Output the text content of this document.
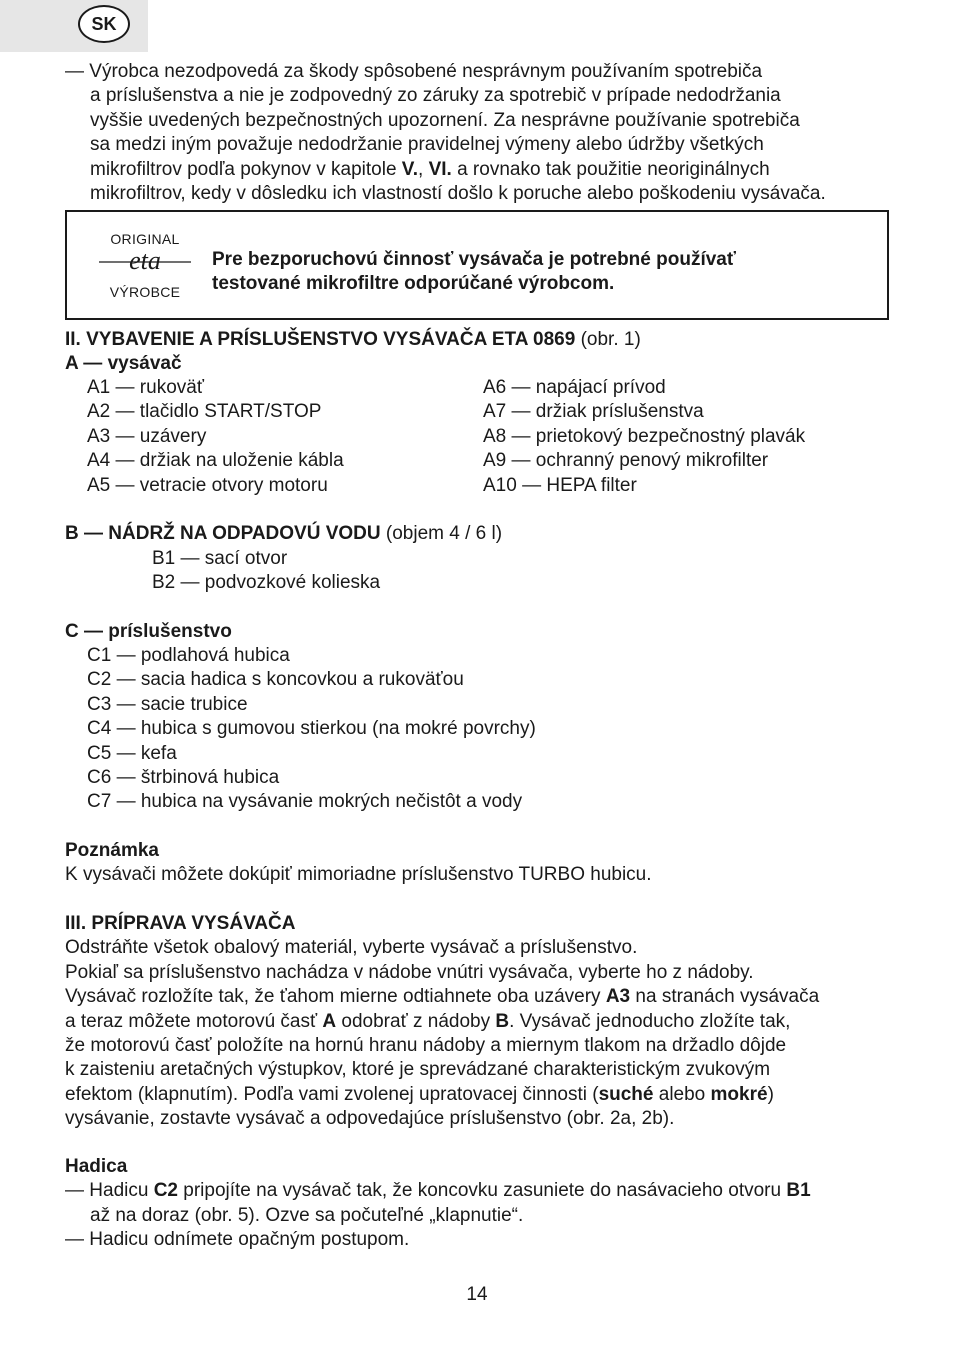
SK
— Výrobca nezodpovedá za škody spôsobené nesprávnym používaním spotrebiča
a príslušenstva a nie je zodpovedný zo záruky za spotrebič v prípade nedodržania
vyššie uvedených bezpečnostných upozornení. Za nesprávne používanie spotrebiča
sa medzi iným považuje nedodržanie pravidelnej výmeny alebo údržby všetkých
mikrofiltrov podľa pokynov v kapitole V., VI. a rovnako tak použitie neoriginálnych
mikrofiltrov, kedy v dôsledku ich vlastností došlo k poruche alebo poškodeniu vysávača.
ORIGINAL
eta
VÝROBCE
Pre bezporuchovú činnosť vysávača je potrebné používať
testované mikrofiltre odporúčané výrobcom.
II. VYBAVENIE A PRÍSLUŠENSTVO VYSÁVAČA ETA 0869 (obr. 1)
A — vysávač
A1 — rukoväť
A2 — tlačidlo START/STOP
A3 — uzávery
A4 — držiak na uloženie kábla
A5 — vetracie otvory motoru
A6 — napájací prívod
A7 — držiak príslušenstva
A8 — prietokový bezpečnostný plavák
A9 — ochranný penový mikrofilter
A10 — HEPA filter
B — NÁDRŽ NA ODPADOVÚ VODU (objem 4 / 6 l)
B1 — sací otvor
B2 — podvozkové kolieska
C — príslušenstvo
C1 — podlahová hubica
C2 — sacia hadica s koncovkou a rukoväťou
C3 — sacie trubice
C4 — hubica s gumovou stierkou (na mokré povrchy)
C5 — kefa
C6 — štrbinová hubica
C7 — hubica na vysávanie mokrých nečistôt a vody
Poznámka
K vysávači môžete dokúpiť mimoriadne príslušenstvo TURBO hubicu.
III. PRÍPRAVA VYSÁVAČA
Odstráňte všetok obalový materiál, vyberte vysávač a príslušenstvo.
Pokiaľ sa príslušenstvo nachádza v nádobe vnútri vysávača, vyberte ho z nádoby.
Vysávač rozložíte tak, že ťahom mierne odtiahnete oba uzávery A3 na stranách vysávača
a teraz môžete motorovú časť A odobrať z nádoby B. Vysávač jednoducho zložíte tak,
že motorovú časť položíte na hornú hranu nádoby a miernym tlakom na držadlo dôjde
k zaisteniu aretačných výstupkov, ktoré je sprevádzané charakteristickým zvukovým
efektom (klapnutím). Podľa vami zvolenej upratovacej činnosti (suché alebo mokré)
vysávanie, zostavte vysávač a odpovedajúce príslušenstvo (obr. 2a, 2b).
Hadica
— Hadicu C2 pripojíte na vysávač tak, že koncovku zasuniete do nasávacieho otvoru B1
až na doraz (obr. 5). Ozve sa počuteľné „klapnutie“.
— Hadicu odnímete opačným postupom.
14
